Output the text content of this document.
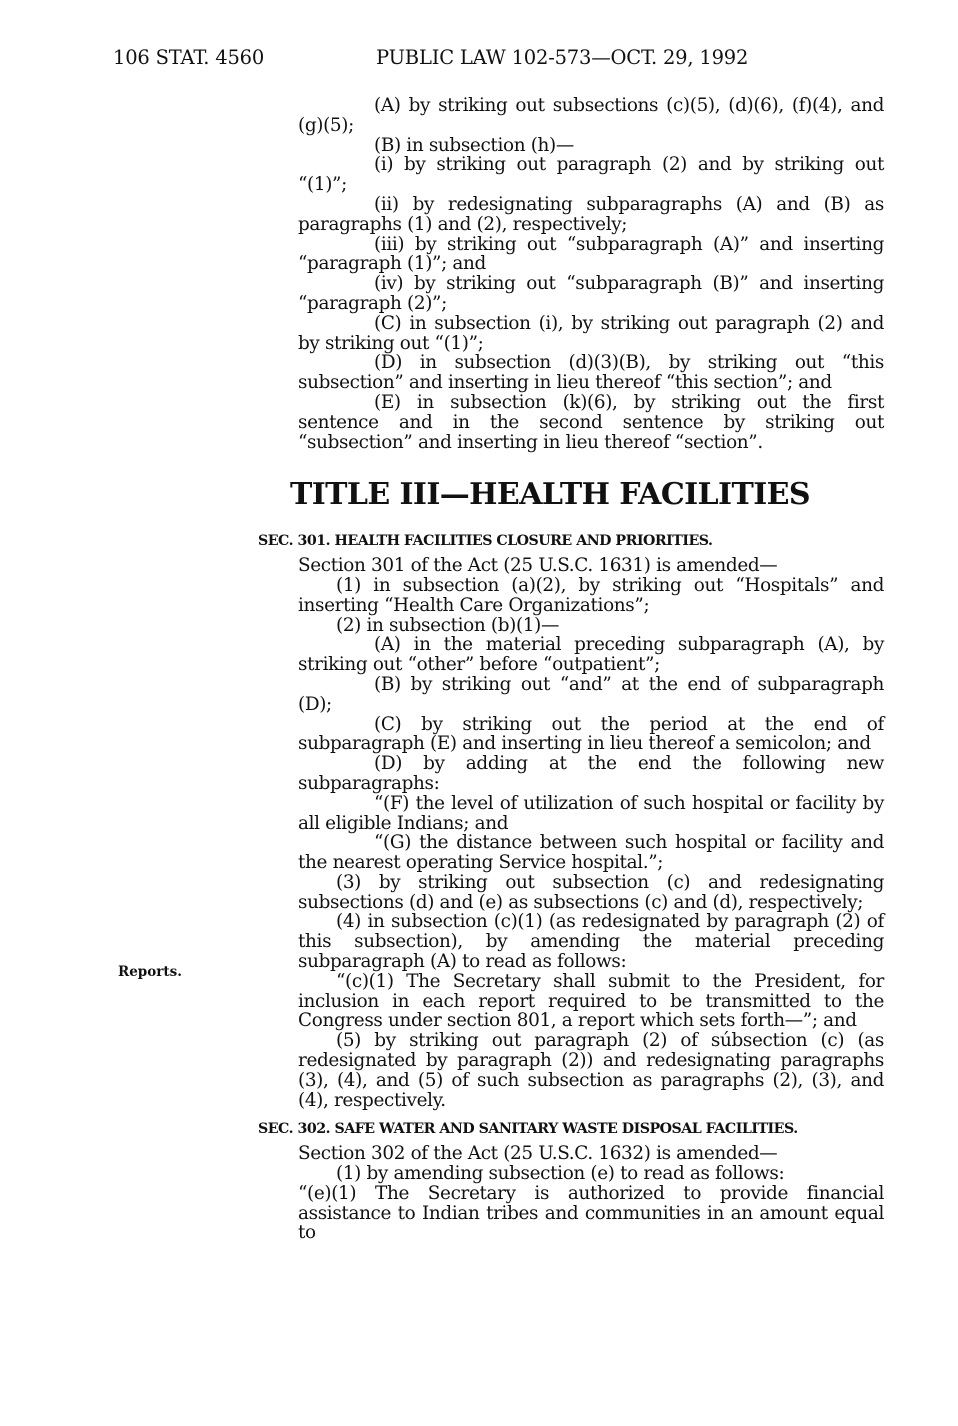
106 STAT. 4560	PUBLIC LAW 102-573—OCT. 29, 1992
Reports.

(A) by striking out subsections (c)(5), (d)(6), (f)(4), and (g)(5);

(B) in subsection (h)—

(i) by striking out paragraph (2) and by striking out “(1)”;

(ii) by redesignating subparagraphs (A) and (B) as paragraphs (1) and (2), respectively;

(iii) by striking out “subparagraph (A)” and inserting “paragraph (1)”; and

(iv) by striking out “subparagraph (B)” and inserting “paragraph (2)”;

(C) in subsection (i), by striking out paragraph (2) and by striking out “(1)”;

(D) in subsection (d)(3)(B), by striking out “this subsection” and inserting in lieu thereof “this section”; and

(E) in subsection (k)(6), by striking out the first sentence and in the second sentence by striking out “subsection” and inserting in lieu thereof “section”.

TITLE III—HEALTH FACILITIES

SEC. 301. HEALTH FACILITIES CLOSURE AND PRIORITIES.

Section 301 of the Act (25 U.S.C. 1631) is amended—

(1) in subsection (a)(2), by striking out “Hospitals” and inserting “Health Care Organizations”;

(2) in subsection (b)(1)—

(A) in the material preceding subparagraph (A), by striking out “other” before “outpatient”;

(B) by striking out “and” at the end of subparagraph (D);

(C) by striking out the period at the end of subparagraph (E) and inserting in lieu thereof a semicolon; and

(D) by adding at the end the following new subparagraphs:

“(F) the level of utilization of such hospital or facility by all eligible Indians; and

“(G) the distance between such hospital or facility and the nearest operating Service hospital.”;

(3) by striking out subsection (c) and redesignating subsections (d) and (e) as subsections (c) and (d), respectively;

(4) in subsection (c)(1) (as redesignated by paragraph (2) of this subsection), by amending the material preceding subparagraph (A) to read as follows:

“(c)(1) The Secretary shall submit to the President, for inclusion in each report required to be transmitted to the Congress under section 801, a report which sets forth—”; and

(5) by striking out paragraph (2) of súbsection (c) (as redesignated by paragraph (2)) and redesignating paragraphs (3), (4), and (5) of such subsection as paragraphs (2), (3), and (4), respectively.

SEC. 302. SAFE WATER AND SANITARY WASTE DISPOSAL FACILITIES.

Section 302 of the Act (25 U.S.C. 1632) is amended—

(1) by amending subsection (e) to read as follows:

“(e)(1) The Secretary is authorized to provide financial assistance to Indian tribes and communities in an amount equal to
